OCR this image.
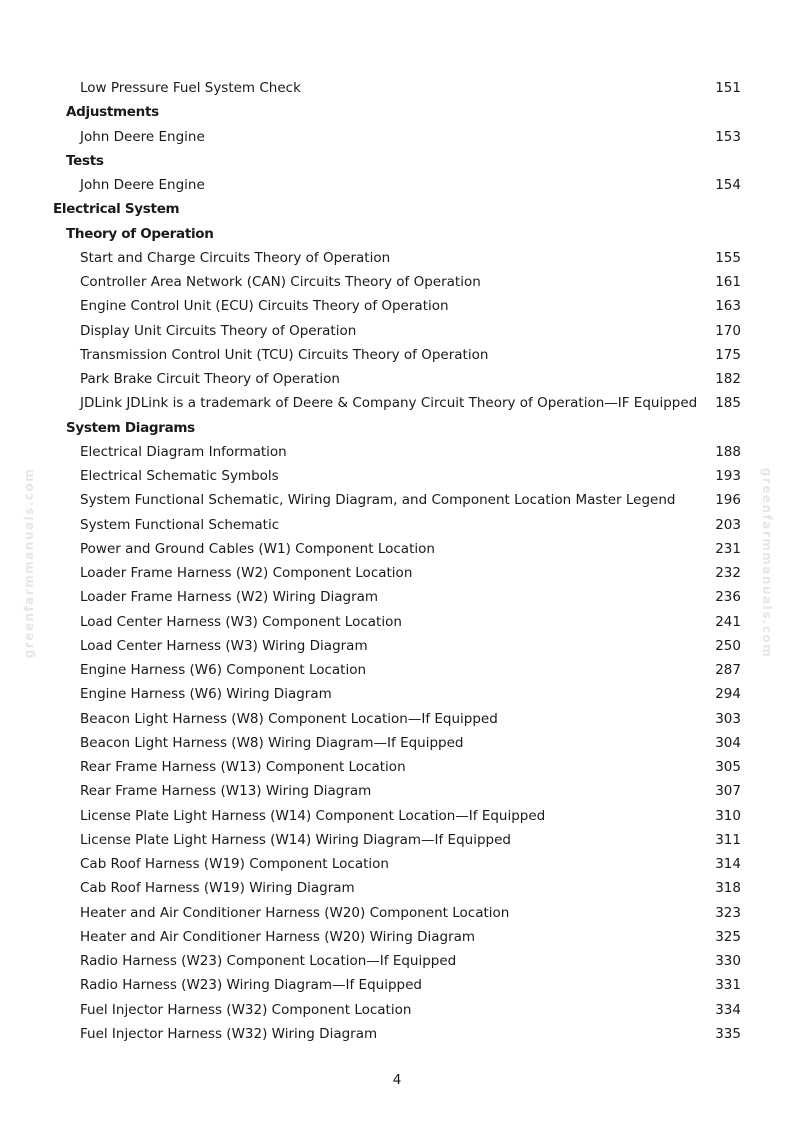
greenfarmmanuals.com	greenfarmmanuals.com
Low Pressure Fuel System Check	151
Adjustments
John Deere Engine	153
Tests
John Deere Engine	154
Electrical System
Theory of Operation
Start and Charge Circuits Theory of Operation	155
Controller Area Network (CAN) Circuits Theory of Operation	161
Engine Control Unit (ECU) Circuits Theory of Operation	163
Display Unit Circuits Theory of Operation	170
Transmission Control Unit (TCU) Circuits Theory of Operation	175
Park Brake Circuit Theory of Operation	182
JDLink JDLink is a trademark of Deere & Company Circuit Theory of Operation—IF Equipped 185
System Diagrams
Electrical Diagram Information	188
Electrical Schematic Symbols	193
System Functional Schematic, Wiring Diagram, and Component Location Master Legend	196
System Functional Schematic	203
Power and Ground Cables (W1) Component Location	231
Loader Frame Harness (W2) Component Location	232
Loader Frame Harness (W2) Wiring Diagram	236
Load Center Harness (W3) Component Location	241
Load Center Harness (W3) Wiring Diagram	250
Engine Harness (W6) Component Location	287
Engine Harness (W6) Wiring Diagram	294
Beacon Light Harness (W8) Component Location—If Equipped	303
Beacon Light Harness (W8) Wiring Diagram—If Equipped	304
Rear Frame Harness (W13) Component Location	305
Rear Frame Harness (W13) Wiring Diagram	307
License Plate Light Harness (W14) Component Location—If Equipped	310
License Plate Light Harness (W14) Wiring Diagram—If Equipped	311
Cab Roof Harness (W19) Component Location	314
Cab Roof Harness (W19) Wiring Diagram	318
Heater and Air Conditioner Harness (W20) Component Location	323
Heater and Air Conditioner Harness (W20) Wiring Diagram	325
Radio Harness (W23) Component Location—If Equipped	330
Radio Harness (W23) Wiring Diagram—If Equipped	331
Fuel Injector Harness (W32) Component Location	334
Fuel Injector Harness (W32) Wiring Diagram	335
4
